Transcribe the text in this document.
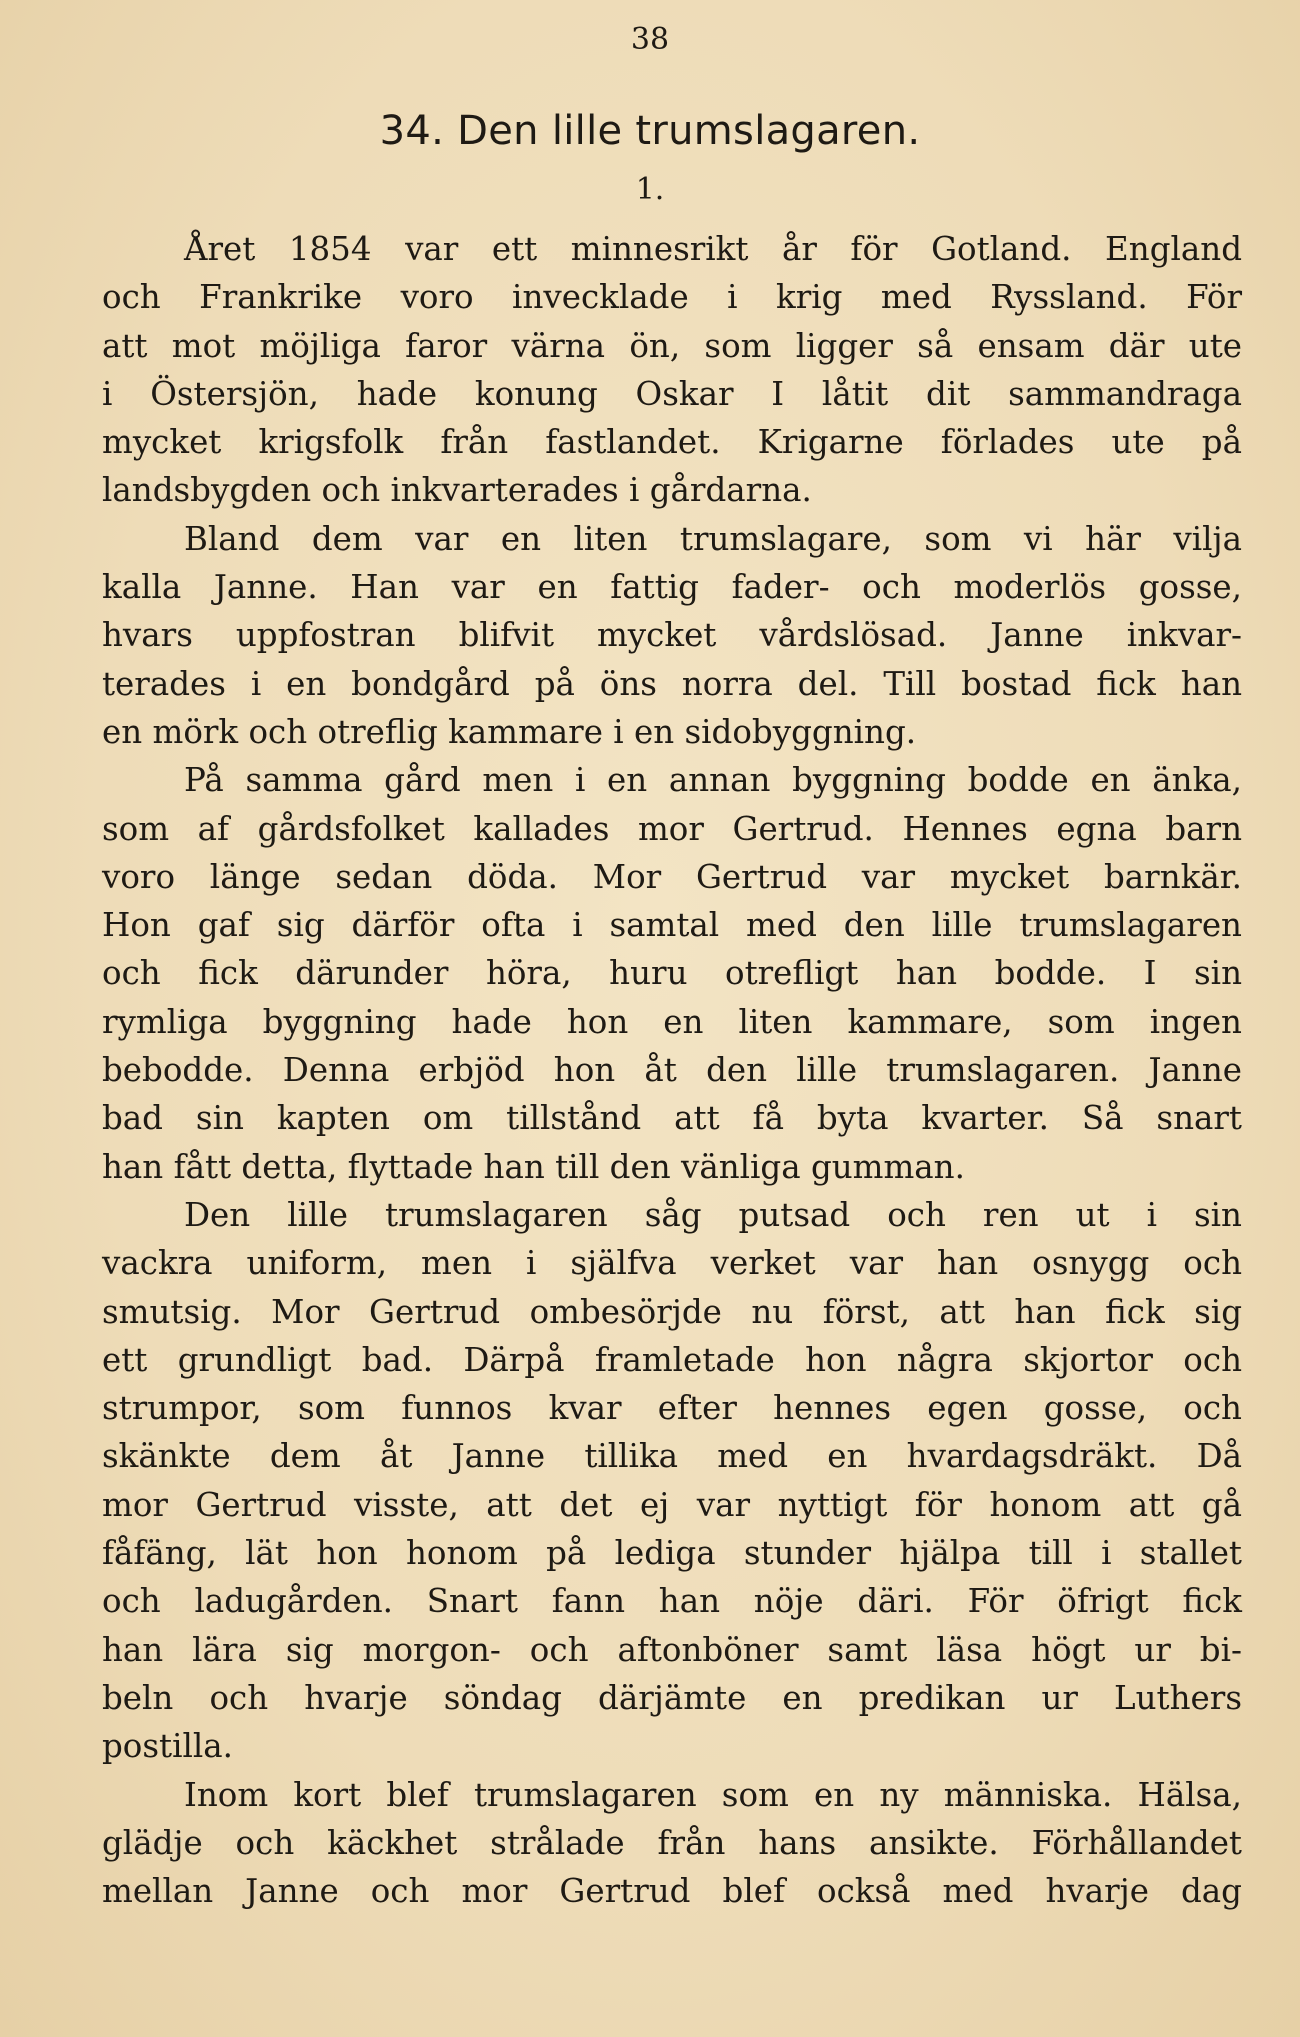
38
34. Den lille trumslagaren.
1.
Året 1854 var ett minnesrikt år för Gotland. England
och Frankrike voro invecklade i krig med Ryssland. För
att mot möjliga faror värna ön, som ligger så ensam där ute
i Östersjön, hade konung Oskar I låtit dit sammandraga
mycket krigsfolk från fastlandet. Krigarne förlades ute på
landsbygden och inkvarterades i gårdarna.
Bland dem var en liten trumslagare, som vi här vilja
kalla Janne. Han var en fattig fader- och moderlös gosse,
hvars uppfostran blifvit mycket vårdslösad. Janne inkvar-
terades i en bondgård på öns norra del. Till bostad fick han
en mörk och otreflig kammare i en sidobyggning.
På samma gård men i en annan byggning bodde en änka,
som af gårdsfolket kallades mor Gertrud. Hennes egna barn
voro länge sedan döda. Mor Gertrud var mycket barnkär.
Hon gaf sig därför ofta i samtal med den lille trumslagaren
och fick därunder höra, huru otrefligt han bodde. I sin
rymliga byggning hade hon en liten kammare, som ingen
bebodde. Denna erbjöd hon åt den lille trumslagaren. Janne
bad sin kapten om tillstånd att få byta kvarter. Så snart
han fått detta, flyttade han till den vänliga gumman.
Den lille trumslagaren såg putsad och ren ut i sin
vackra uniform, men i själfva verket var han osnygg och
smutsig. Mor Gertrud ombesörjde nu först, att han fick sig
ett grundligt bad. Därpå framletade hon några skjortor och
strumpor, som funnos kvar efter hennes egen gosse, och
skänkte dem åt Janne tillika med en hvardagsdräkt. Då
mor Gertrud visste, att det ej var nyttigt för honom att gå
fåfäng, lät hon honom på lediga stunder hjälpa till i stallet
och ladugården. Snart fann han nöje däri. För öfrigt fick
han lära sig morgon- och aftonböner samt läsa högt ur bi-
beln och hvarje söndag därjämte en predikan ur Luthers
postilla.
Inom kort blef trumslagaren som en ny människa. Hälsa,
glädje och käckhet strålade från hans ansikte. Förhållandet
mellan Janne och mor Gertrud blef också med hvarje dag
